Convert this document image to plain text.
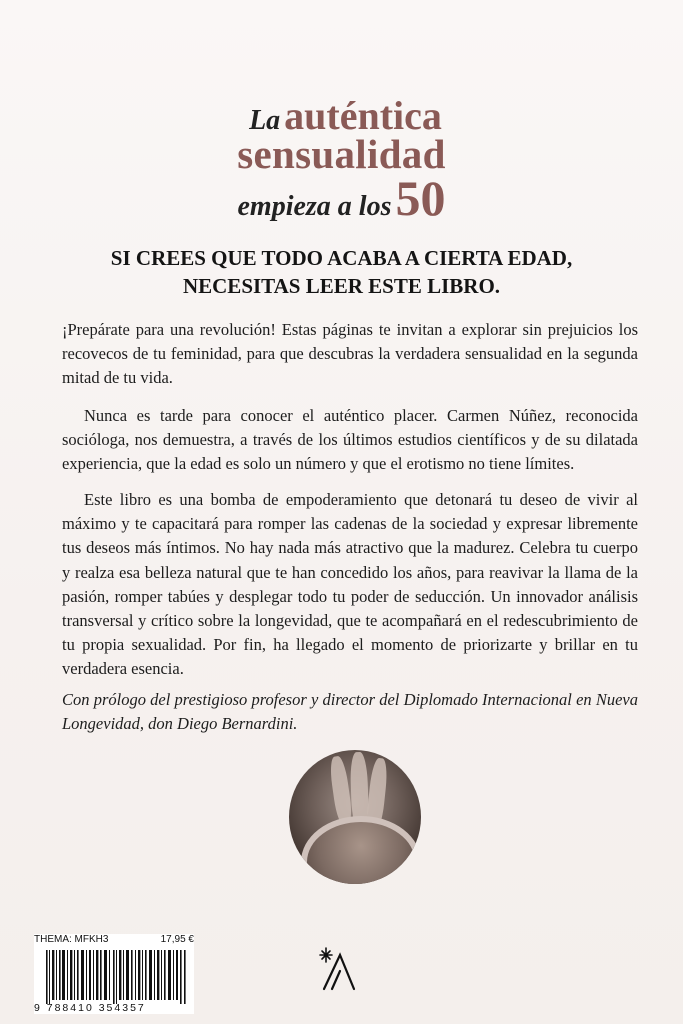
La auténtica
sensualidad
empieza a los 50
SI CREES QUE TODO ACABA A CIERTA EDAD,
NECESITAS LEER ESTE LIBRO.
¡Prepárate para una revolución! Estas páginas te invitan a explorar sin prejuicios los recovecos de tu feminidad, para que descubras la verdadera sensualidad en la segunda mitad de tu vida.
Nunca es tarde para conocer el auténtico placer. Carmen Núñez, reconocida socióloga, nos demuestra, a través de los últimos estudios científicos y de su dilatada experiencia, que la edad es solo un número y que el erotismo no tiene límites.
Este libro es una bomba de empoderamiento que detonará tu deseo de vivir al máximo y te capacitará para romper las cadenas de la sociedad y expresar libremente tus deseos más íntimos. No hay nada más atractivo que la madurez. Celebra tu cuerpo y realza esa belleza natural que te han concedido los años, para reavivar la llama de la pasión, romper tabúes y desplegar todo tu poder de seducción. Un innovador análisis transversal y crítico sobre la longevidad, que te acompañará en el redescubrimiento de tu propia sexualidad. Por fin, ha llegado el momento de priorizarte y brillar en tu verdadera esencia.
Con prólogo del prestigioso profesor y director del Diplomado Internacional en Nueva Longevidad, don Diego Bernardini.
THEMA: MFKH3	17,95 €
9 788410 354357
